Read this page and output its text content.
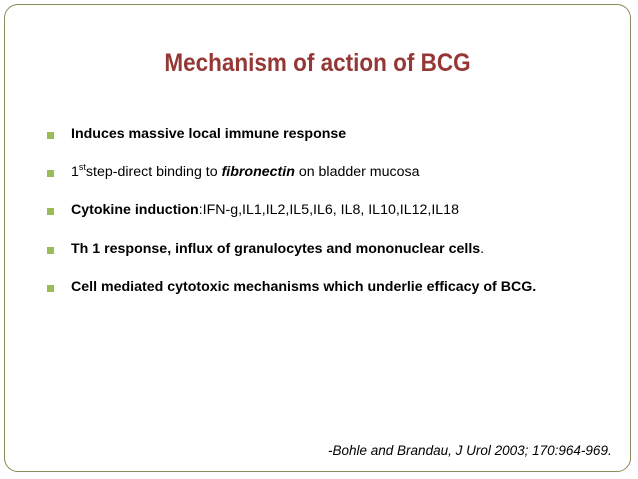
Mechanism of action of BCG
Induces massive local immune response
1ststep-direct binding to fibronectin on bladder mucosa
Cytokine induction:IFN-g,IL1,IL2,IL5,IL6, IL8, IL10,IL12,IL18
Th 1 response, influx of granulocytes and mononuclear cells.
Cell mediated cytotoxic mechanisms which underlie efficacy of BCG.
-Bohle and Brandau, J Urol 2003; 170:964-969.
